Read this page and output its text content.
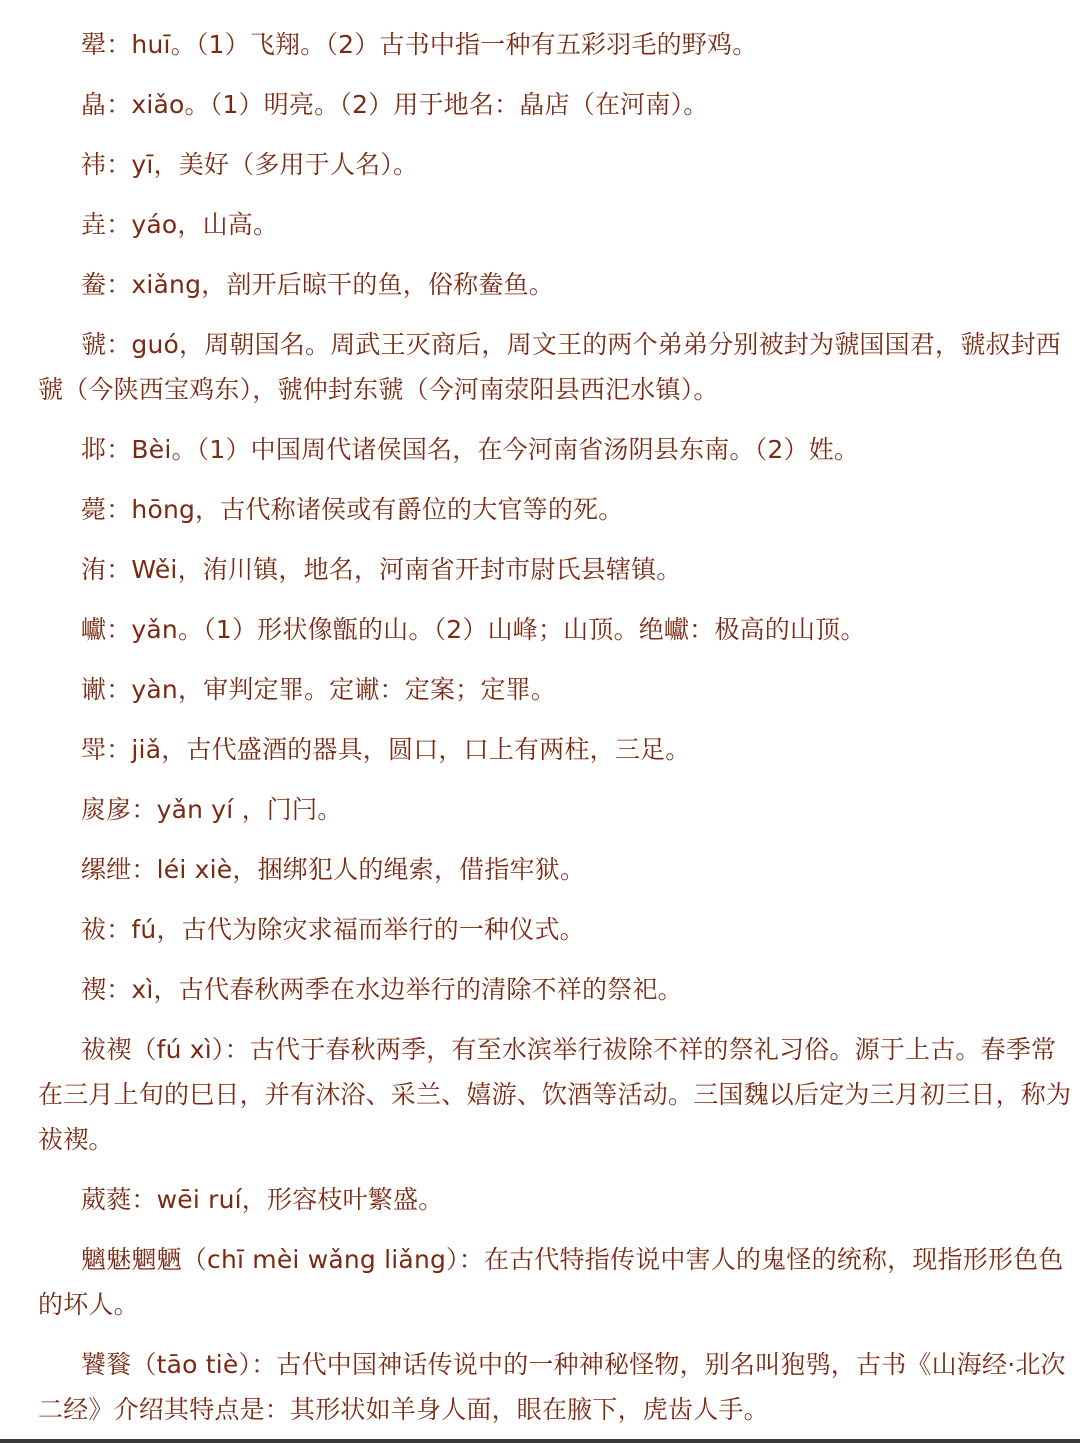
翚：huī。（1）飞翔。（2）古书中指一种有五彩羽毛的野鸡。

皛：xiǎo。（1）明亮。（2）用于地名：皛店（在河南）。

祎：yī，美好（多用于人名）。

垚：yáo，山高。

鲞：xiǎng，剖开后晾干的鱼，俗称鲞鱼。

虢：guó，周朝国名。周武王灭商后，周文王的两个弟弟分别被封为虢国国君，虢叔封西虢（今陕西宝鸡东），虢仲封东虢（今河南荥阳县西汜水镇）。

邶：Bèi。（1）中国周代诸侯国名，在今河南省汤阴县东南。（2）姓。

薨：hōng，古代称诸侯或有爵位的大官等的死。

洧：Wěi，洧川镇，地名，河南省开封市尉氏县辖镇。

巘：yǎn。（1）形状像甑的山。（2）山峰；山顶。绝巘：极高的山顶。

谳：yàn，审判定罪。定谳：定案；定罪。

斝：jiǎ，古代盛酒的器具，圆口，口上有两柱，三足。

扊扅：yǎn yí ，门闩。

缧绁：léi xiè，捆绑犯人的绳索，借指牢狱。

祓：fú，古代为除灾求福而举行的一种仪式。

禊：xì，古代春秋两季在水边举行的清除不祥的祭祀。

祓禊（fú xì）：古代于春秋两季，有至水滨举行祓除不祥的祭礼习俗。源于上古。春季常在三月上旬的巳日，并有沐浴、采兰、嬉游、饮酒等活动。三国魏以后定为三月初三日，称为祓禊。

葳蕤：wēi ruí，形容枝叶繁盛。

魑魅魍魉（chī mèi wǎng liǎng）：在古代特指传说中害人的鬼怪的统称，现指形形色色的坏人。

饕餮（tāo tiè）：古代中国神话传说中的一种神秘怪物，别名叫狍鸮，古书《山海经·北次二经》介绍其特点是：其形状如羊身人面，眼在腋下，虎齿人手。
